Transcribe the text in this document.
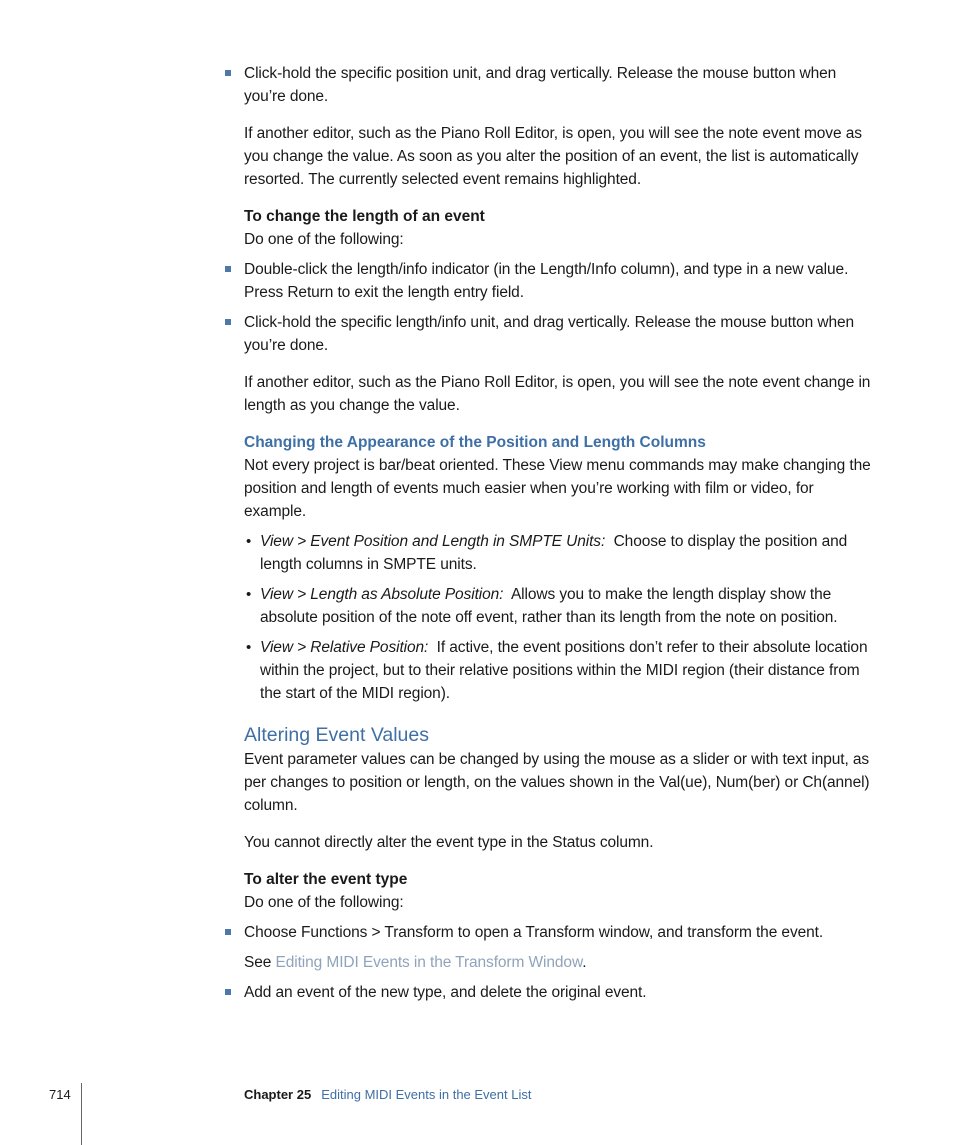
Click-hold the specific position unit, and drag vertically. Release the mouse button when you’re done.

If another editor, such as the Piano Roll Editor, is open, you will see the note event move as you change the value. As soon as you alter the position of an event, the list is automatically resorted. The currently selected event remains highlighted.

To change the length of an event

Do one of the following:

Double-click the length/info indicator (in the Length/Info column), and type in a new value. Press Return to exit the length entry field.

Click-hold the specific length/info unit, and drag vertically. Release the mouse button when you’re done.

If another editor, such as the Piano Roll Editor, is open, you will see the note event change in length as you change the value.

Changing the Appearance of the Position and Length Columns

Not every project is bar/beat oriented. These View menu commands may make changing the position and length of events much easier when you’re working with film or video, for example.

• View > Event Position and Length in SMPTE Units: Choose to display the position and length columns in SMPTE units.

• View > Length as Absolute Position: Allows you to make the length display show the absolute position of the note off event, rather than its length from the note on position.

• View > Relative Position: If active, the event positions don’t refer to their absolute location within the project, but to their relative positions within the MIDI region (their distance from the start of the MIDI region).

Altering Event Values

Event parameter values can be changed by using the mouse as a slider or with text input, as per changes to position or length, on the values shown in the Val(ue), Num(ber) or Ch(annel) column.

You cannot directly alter the event type in the Status column.

To alter the event type

Do one of the following:

Choose Functions > Transform to open a Transform window, and transform the event.

See Editing MIDI Events in the Transform Window.

Add an event of the new type, and delete the original event.

714	Chapter 25 Editing MIDI Events in the Event List
